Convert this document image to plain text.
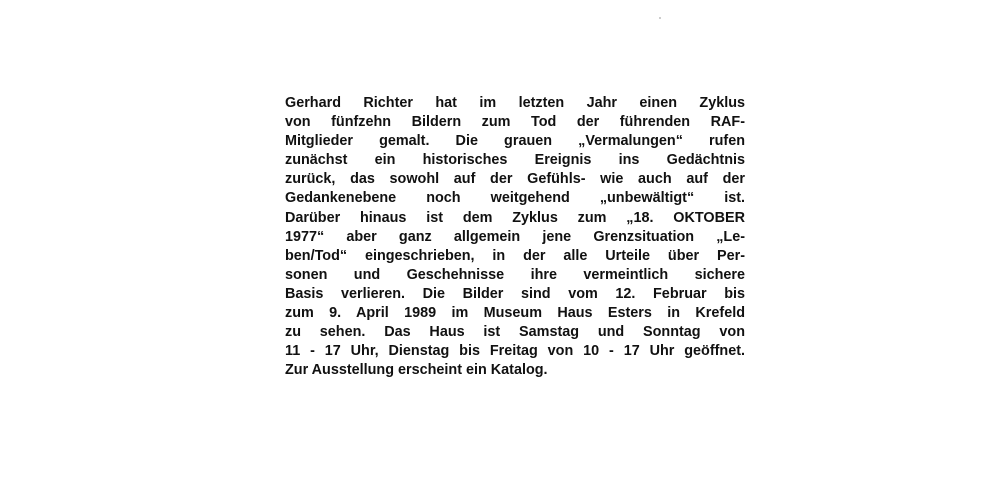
Gerhard Richter hat im letzten Jahr einen Zyklus
von fünfzehn Bildern zum Tod der führenden RAF-
Mitglieder gemalt. Die grauen „Vermalungen“ rufen
zunächst ein historisches Ereignis ins Gedächtnis
zurück, das sowohl auf der Gefühls- wie auch auf der
Gedankenebene noch weitgehend „unbewältigt“ ist.
Darüber hinaus ist dem Zyklus zum „18. OKTOBER
1977“ aber ganz allgemein jene Grenzsituation „Le-
ben/Tod“ eingeschrieben, in der alle Urteile über Per-
sonen und Geschehnisse ihre vermeintlich sichere
Basis verlieren. Die Bilder sind vom 12. Februar bis
zum 9. April 1989 im Museum Haus Esters in Krefeld
zu sehen. Das Haus ist Samstag und Sonntag von
11 - 17 Uhr, Dienstag bis Freitag von 10 - 17 Uhr geöffnet.
Zur Ausstellung erscheint ein Katalog.
